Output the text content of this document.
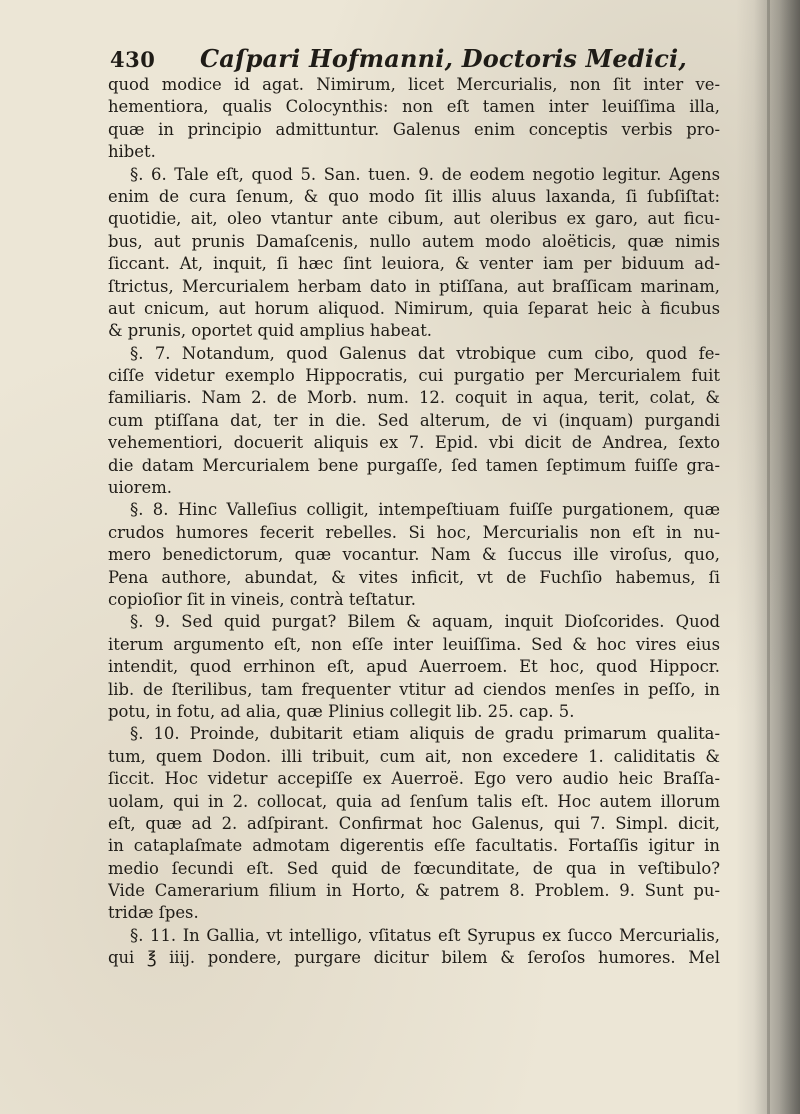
430	Caſpari Hofmanni, Doctoris Medici,
quod modice id agat. Nimirum, licet Mercurialis, non ſit inter ve-
hementiora, qualis Colocynthis: non eſt tamen inter leuiſſima illa,
quæ in principio admittuntur. Galenus enim conceptis verbis pro-
hibet.
§. 6. Tale eſt, quod 5. San. tuen. 9. de eodem negotio legitur. Agens
enim de cura ſenum, & quo modo ſit illis aluus laxanda, ſi ſubſiſtat:
quotidie, ait, oleo vtantur ante cibum, aut oleribus ex garo, aut ficu-
bus, aut prunis Damaſcenis, nullo autem modo aloëticis, quæ nimis
ſiccant. At, inquit, ſi hæc ſint leuiora, & venter iam per biduum ad-
ſtrictus, Mercurialem herbam dato in ptiſſana, aut braſſicam marinam,
aut cnicum, aut horum aliquod. Nimirum, quia ſeparat heic à ficubus
& prunis, oportet quid amplius habeat.
§. 7. Notandum, quod Galenus dat vtrobique cum cibo, quod fe-
ciſſe videtur exemplo Hippocratis, cui purgatio per Mercurialem fuit
familiaris. Nam 2. de Morb. num. 12. coquit in aqua, terit, colat, &
cum ptiſſana dat, ter in die. Sed alterum, de vi (inquam) purgandi
vehementiori, docuerit aliquis ex 7. Epid. vbi dicit de Andrea, ſexto
die datam Mercurialem bene purgaſſe, ſed tamen ſeptimum fuiſſe gra-
uiorem.
§. 8. Hinc Valleſius colligit, intempeſtiuam fuiſſe purgationem, quæ
crudos humores fecerit rebelles. Si hoc, Mercurialis non eſt in nu-
mero benedictorum, quæ vocantur. Nam & ſuccus ille viroſus, quo,
Pena authore, abundat, & vites inficit, vt de Fuchſio habemus, ſi
copioſior ſit in vineis, contrà teſtatur.
§. 9. Sed quid purgat? Bilem & aquam, inquit Dioſcorides. Quod
iterum argumento eſt, non eſſe inter leuiſſima. Sed & hoc vires eius
intendit, quod errhinon eſt, apud Auerroem. Et hoc, quod Hippocr.
lib. de ſterilibus, tam frequenter vtitur ad ciendos menſes in peſſo, in
potu, in fotu, ad alia, quæ Plinius collegit lib. 25. cap. 5.
§. 10. Proinde, dubitarit etiam aliquis de gradu primarum qualita-
tum, quem Dodon. illi tribuit, cum ait, non excedere 1. caliditatis &
ſiccit. Hoc videtur accepiſſe ex Auerroë. Ego vero audio heic Braſſa-
uolam, qui in 2. collocat, quia ad ſenſum talis eſt. Hoc autem illorum
eſt, quæ ad 2. adſpirant. Confirmat hoc Galenus, qui 7. Simpl. dicit,
in cataplaſmate admotam digerentis eſſe facultatis. Fortaſſis igitur in
medio ſecundi eſt. Sed quid de fœcunditate, de qua in veſtibulo?
Vide Camerarium filium in Horto, & patrem 8. Problem. 9. Sunt pu-
tridæ ſpes.
§. 11. In Gallia, vt intelligo, vſitatus eſt Syrupus ex ſucco Mercurialis,
qui ℥ iiij. pondere, purgare dicitur bilem & ſeroſos humores. Mel
